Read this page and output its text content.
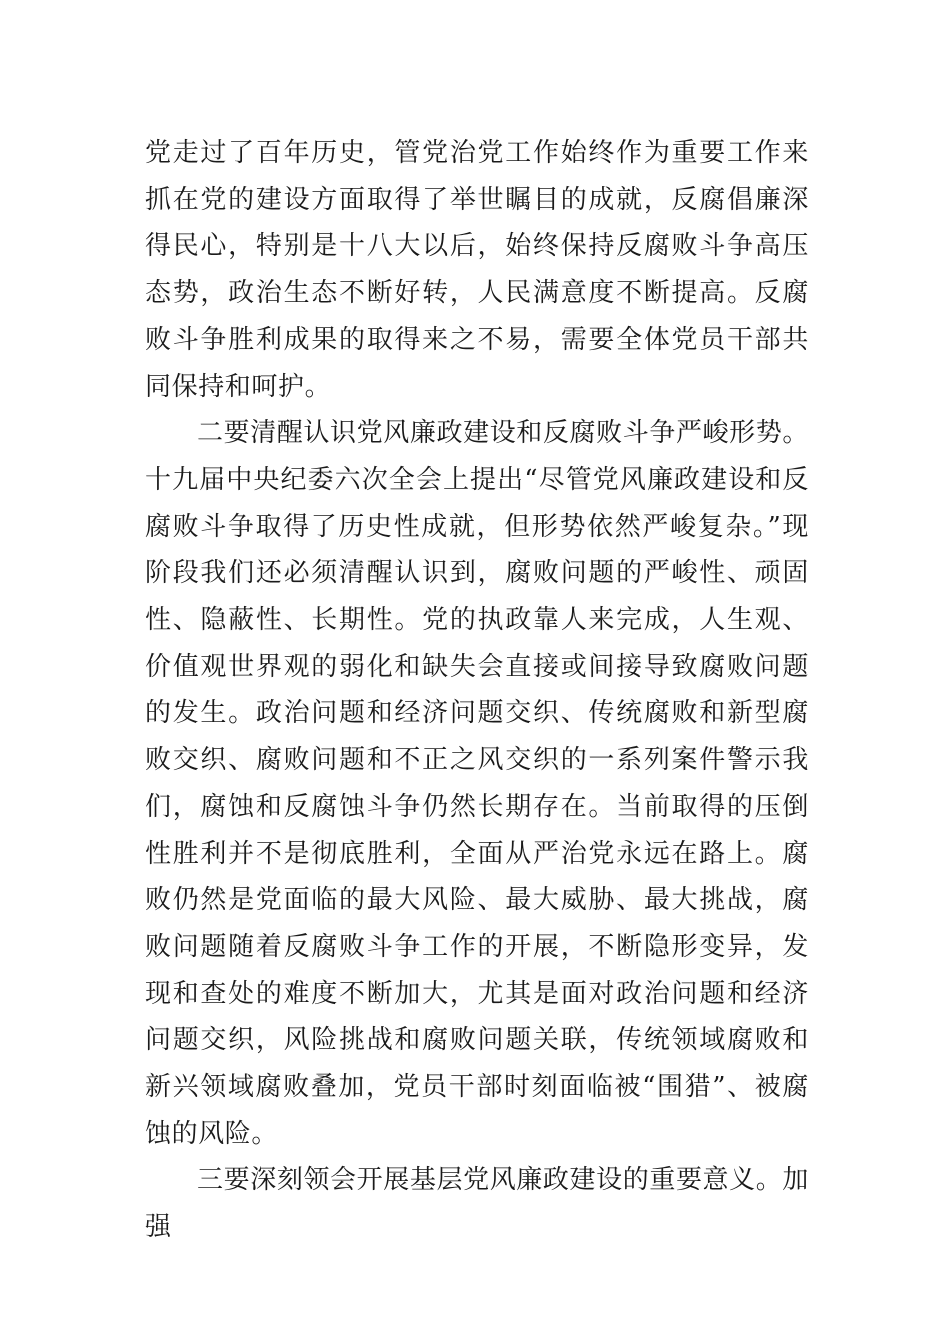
党走过了百年历史，管党治党工作始终作为重要工作来抓在党的建设方面取得了举世瞩目的成就，反腐倡廉深得民心，特别是十八大以后，始终保持反腐败斗争高压态势，政治生态不断好转，人民满意度不断提高。反腐败斗争胜利成果的取得来之不易，需要全体党员干部共同保持和呵护。

二要清醒认识党风廉政建设和反腐败斗争严峻形势。十九届中央纪委六次全会上提出“尽管党风廉政建设和反腐败斗争取得了历史性成就，但形势依然严峻复杂。”现阶段我们还必须清醒认识到，腐败问题的严峻性、顽固性、隐蔽性、长期性。党的执政靠人来完成，人生观、价值观世界观的弱化和缺失会直接或间接导致腐败问题的发生。政治问题和经济问题交织、传统腐败和新型腐败交织、腐败问题和不正之风交织的一系列案件警示我们，腐蚀和反腐蚀斗争仍然长期存在。当前取得的压倒性胜利并不是彻底胜利，全面从严治党永远在路上。腐败仍然是党面临的最大风险、最大威胁、最大挑战，腐败问题随着反腐败斗争工作的开展，不断隐形变异，发现和查处的难度不断加大，尤其是面对政治问题和经济问题交织，风险挑战和腐败问题关联，传统领域腐败和新兴领域腐败叠加，党员干部时刻面临被“围猎”、被腐蚀的风险。

三要深刻领会开展基层党风廉政建设的重要意义。加强
